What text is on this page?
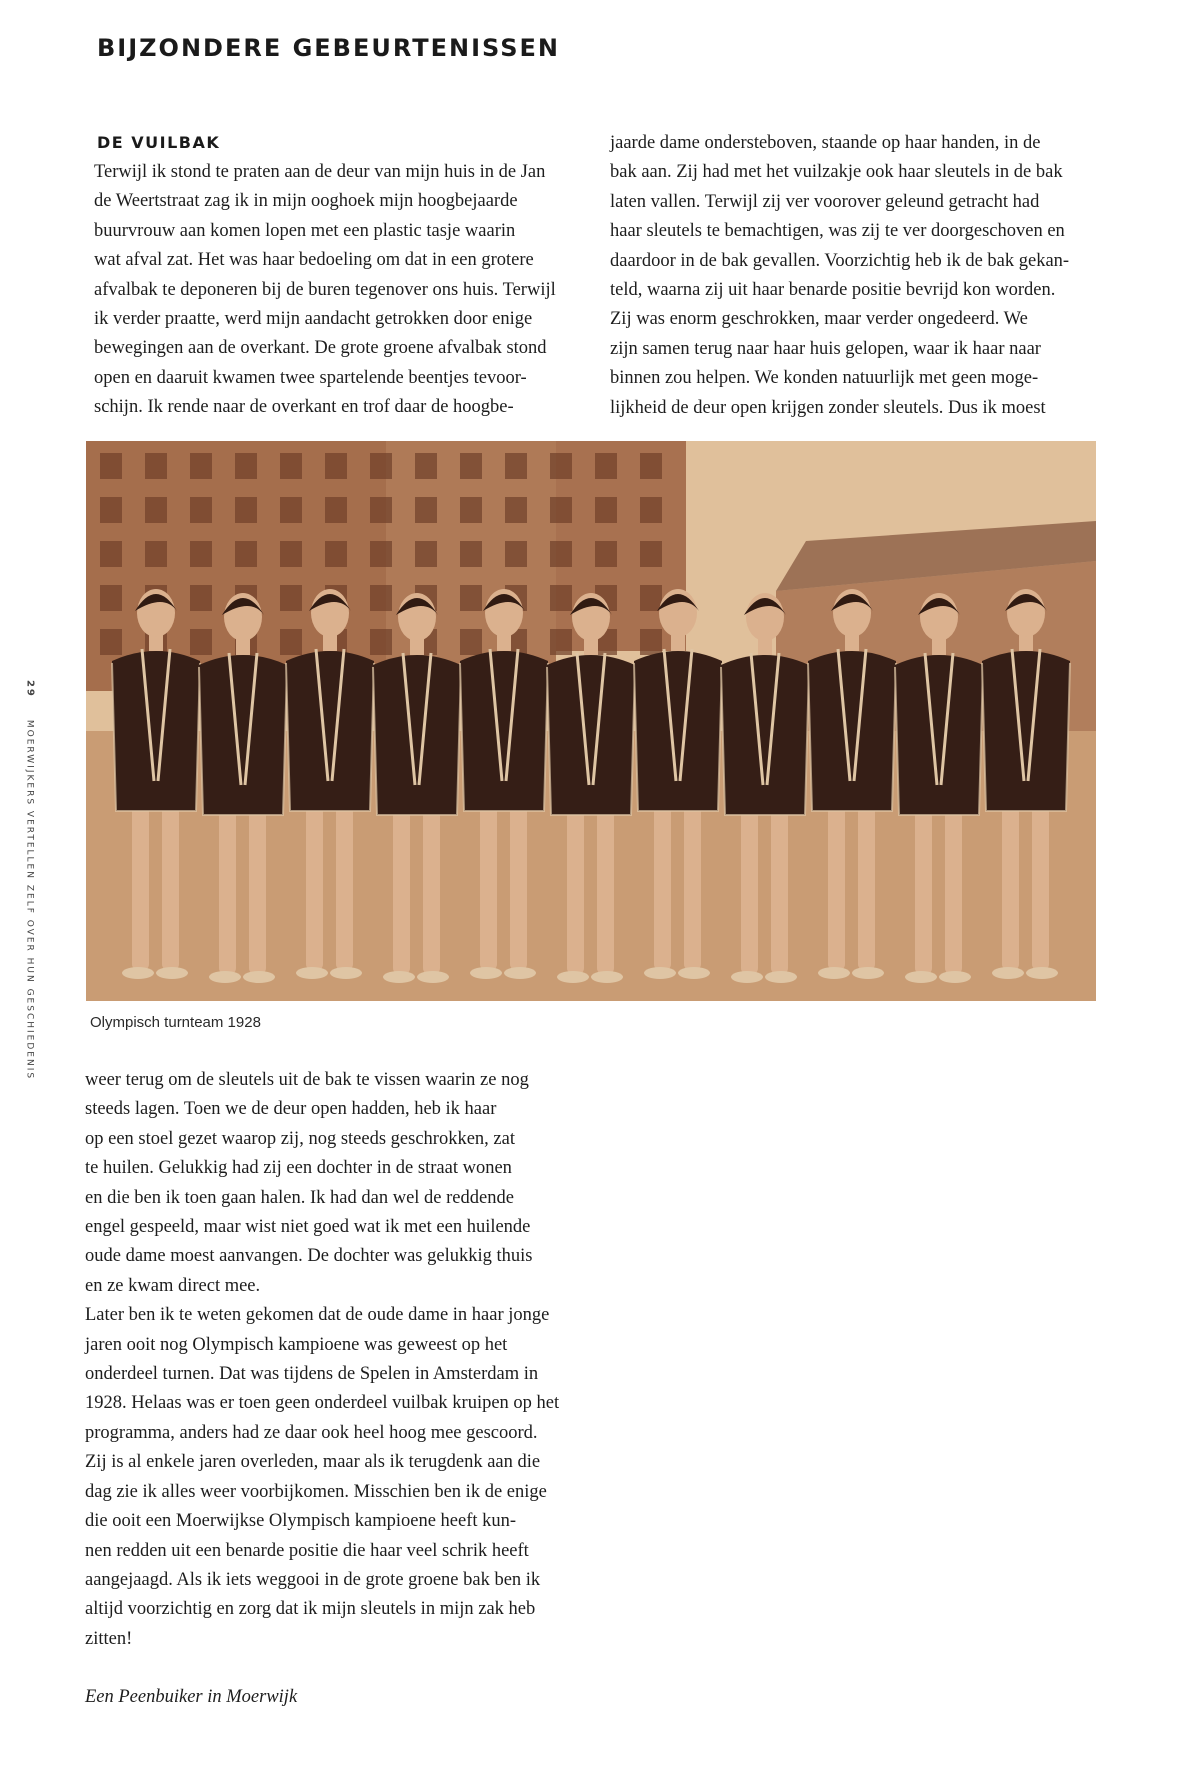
BIJZONDERE GEBEURTENISSEN
29MOERWIJKERS VERTELLEN ZELF OVER HUN GESCHIEDENIS
DE VUILBAK
Terwijl ik stond te praten aan de deur van mijn huis in de Jan
de Weertstraat zag ik in mijn ooghoek mijn hoogbejaarde
buurvrouw aan komen lopen met een plastic tasje waarin
wat afval zat. Het was haar bedoeling om dat in een grotere
afvalbak te deponeren bij de buren tegenover ons huis. Terwijl
ik verder praatte, werd mijn aandacht getrokken door enige
bewegingen aan de overkant. De grote groene afvalbak stond
open en daaruit kwamen twee spartelende beentjes tevoor-
schijn. Ik rende naar de overkant en trof daar de hoogbe-
jaarde dame ondersteboven, staande op haar handen, in de
bak aan. Zij had met het vuilzakje ook haar sleutels in de bak
laten vallen. Terwijl zij ver voorover geleund getracht had
haar sleutels te bemachtigen, was zij te ver doorgeschoven en
daardoor in de bak gevallen. Voorzichtig heb ik de bak gekan-
teld, waarna zij uit haar benarde positie bevrijd kon worden.
Zij was enorm geschrokken, maar verder ongedeerd. We
zijn samen terug naar haar huis gelopen, waar ik haar naar
binnen zou helpen. We konden natuurlijk met geen moge-
lijkheid de deur open krijgen zonder sleutels. Dus ik moest

Olympisch turnteam 1928

weer terug om de sleutels uit de bak te vissen waarin ze nog
steeds lagen. Toen we de deur open hadden, heb ik haar
op een stoel gezet waarop zij, nog steeds geschrokken, zat
te huilen. Gelukkig had zij een dochter in de straat wonen
en die ben ik toen gaan halen. Ik had dan wel de reddende
engel gespeeld, maar wist niet goed wat ik met een huilende
oude dame moest aanvangen. De dochter was gelukkig thuis
en ze kwam direct mee.
Later ben ik te weten gekomen dat de oude dame in haar jonge
jaren ooit nog Olympisch kampioene was geweest op het
onderdeel turnen. Dat was tijdens de Spelen in Amsterdam in
1928. Helaas was er toen geen onderdeel vuilbak kruipen op het
programma, anders had ze daar ook heel hoog mee gescoord.
Zij is al enkele jaren overleden, maar als ik terugdenk aan die
dag zie ik alles weer voorbijkomen. Misschien ben ik de enige
die ooit een Moerwijkse Olympisch kampioene heeft kun-
nen redden uit een benarde positie die haar veel schrik heeft
aangejaagd. Als ik iets weggooi in de grote groene bak ben ik
altijd voorzichtig en zorg dat ik mijn sleutels in mijn zak heb
zitten!

Een Peenbuiker in Moerwijk
